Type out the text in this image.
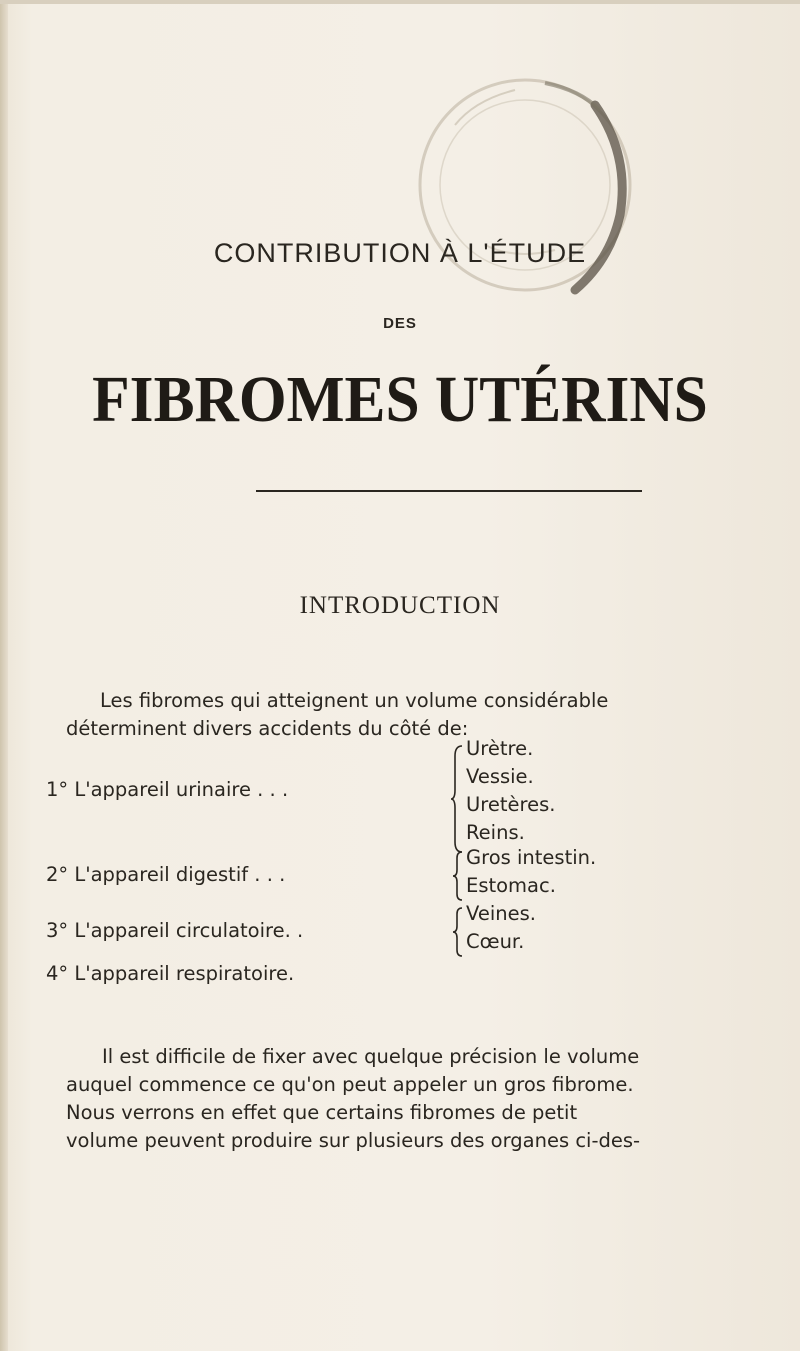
CONTRIBUTION À L'ÉTUDE
DES
FIBROMES UTÉRINS
INTRODUCTION
Les fibromes qui atteignent un volume considérable
déterminent divers accidents du côté de:
1° L'appareil urinaire . . .
Urètre.
Vessie.
Uretères.
Reins.
2° L'appareil digestif . . .
Gros intestin.
Estomac.
3° L'appareil circulatoire. .
Veines.
Cœur.
4° L'appareil respiratoire.
Il est difficile de fixer avec quelque précision le volume
auquel commence ce qu'on peut appeler un gros fibrome.
Nous verrons en effet que certains fibromes de petit
volume peuvent produire sur plusieurs des organes ci-des-
